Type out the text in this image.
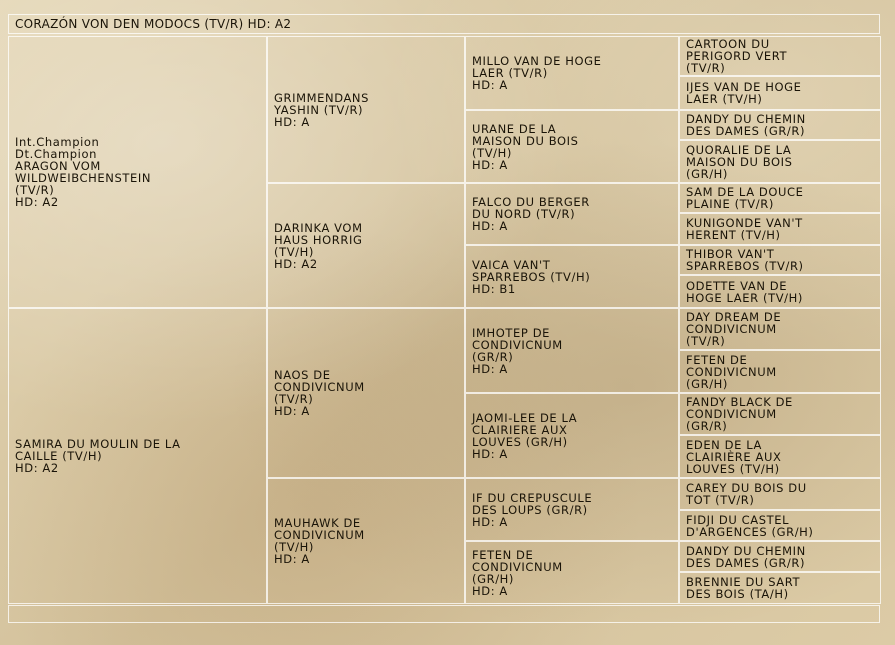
CORAZÓN VON DEN MODOCS (TV/R) HD: A2
Int.Champion
Dt.Champion
ARAGON VOM
WILDWEIBCHENSTEIN
(TV/R)
HD: A2
SAMIRA DU MOULIN DE LA
CAILLE (TV/H)
HD: A2
GRIMMENDANS
YASHIN (TV/R)
HD: A
DARINKA VOM
HAUS HORRIG
(TV/H)
HD: A2
NAOS DE
CONDIVICNUM
(TV/R)
HD: A
MAUHAWK DE
CONDIVICNUM
(TV/H)
HD: A
MILLO VAN DE HOGE
LAER (TV/R)
HD: A
URANE DE LA
MAISON DU BOIS
(TV/H)
HD: A
FALCO DU BERGER
DU NORD (TV/R)
HD: A
VAICA VAN'T
SPARREBOS (TV/H)
HD: B1
IMHOTEP DE
CONDIVICNUM
(GR/R)
HD: A
JAOMI-LEE DE LA
CLAIRIERE AUX
LOUVES (GR/H)
HD: A
IF DU CREPUSCULE
DES LOUPS (GR/R)
HD: A
FETEN DE
CONDIVICNUM
(GR/H)
HD: A
CARTOON DU
PERIGORD VERT
(TV/R)
IJES VAN DE HOGE
LAER (TV/H)
DANDY DU CHEMIN
DES DAMES (GR/R)
QUORALIE DE LA
MAISON DU BOIS
(GR/H)
SAM DE LA DOUCE
PLAINE (TV/R)
KUNIGONDE VAN'T
HERENT (TV/H)
THIBOR VAN'T
SPARREBOS (TV/R)
ODETTE VAN DE
HOGE LAER (TV/H)
DAY DREAM DE
CONDIVICNUM
(TV/R)
FETEN DE
CONDIVICNUM
(GR/H)
FANDY BLACK DE
CONDIVICNUM
(GR/R)
EDEN DE LA
CLAIRIÈRE AUX
LOUVES (TV/H)
CAREY DU BOIS DU
TOT (TV/R)
FIDJI DU CASTEL
D'ARGENCES (GR/H)
DANDY DU CHEMIN
DES DAMES (GR/R)
BRENNIE DU SART
DES BOIS (TA/H)
